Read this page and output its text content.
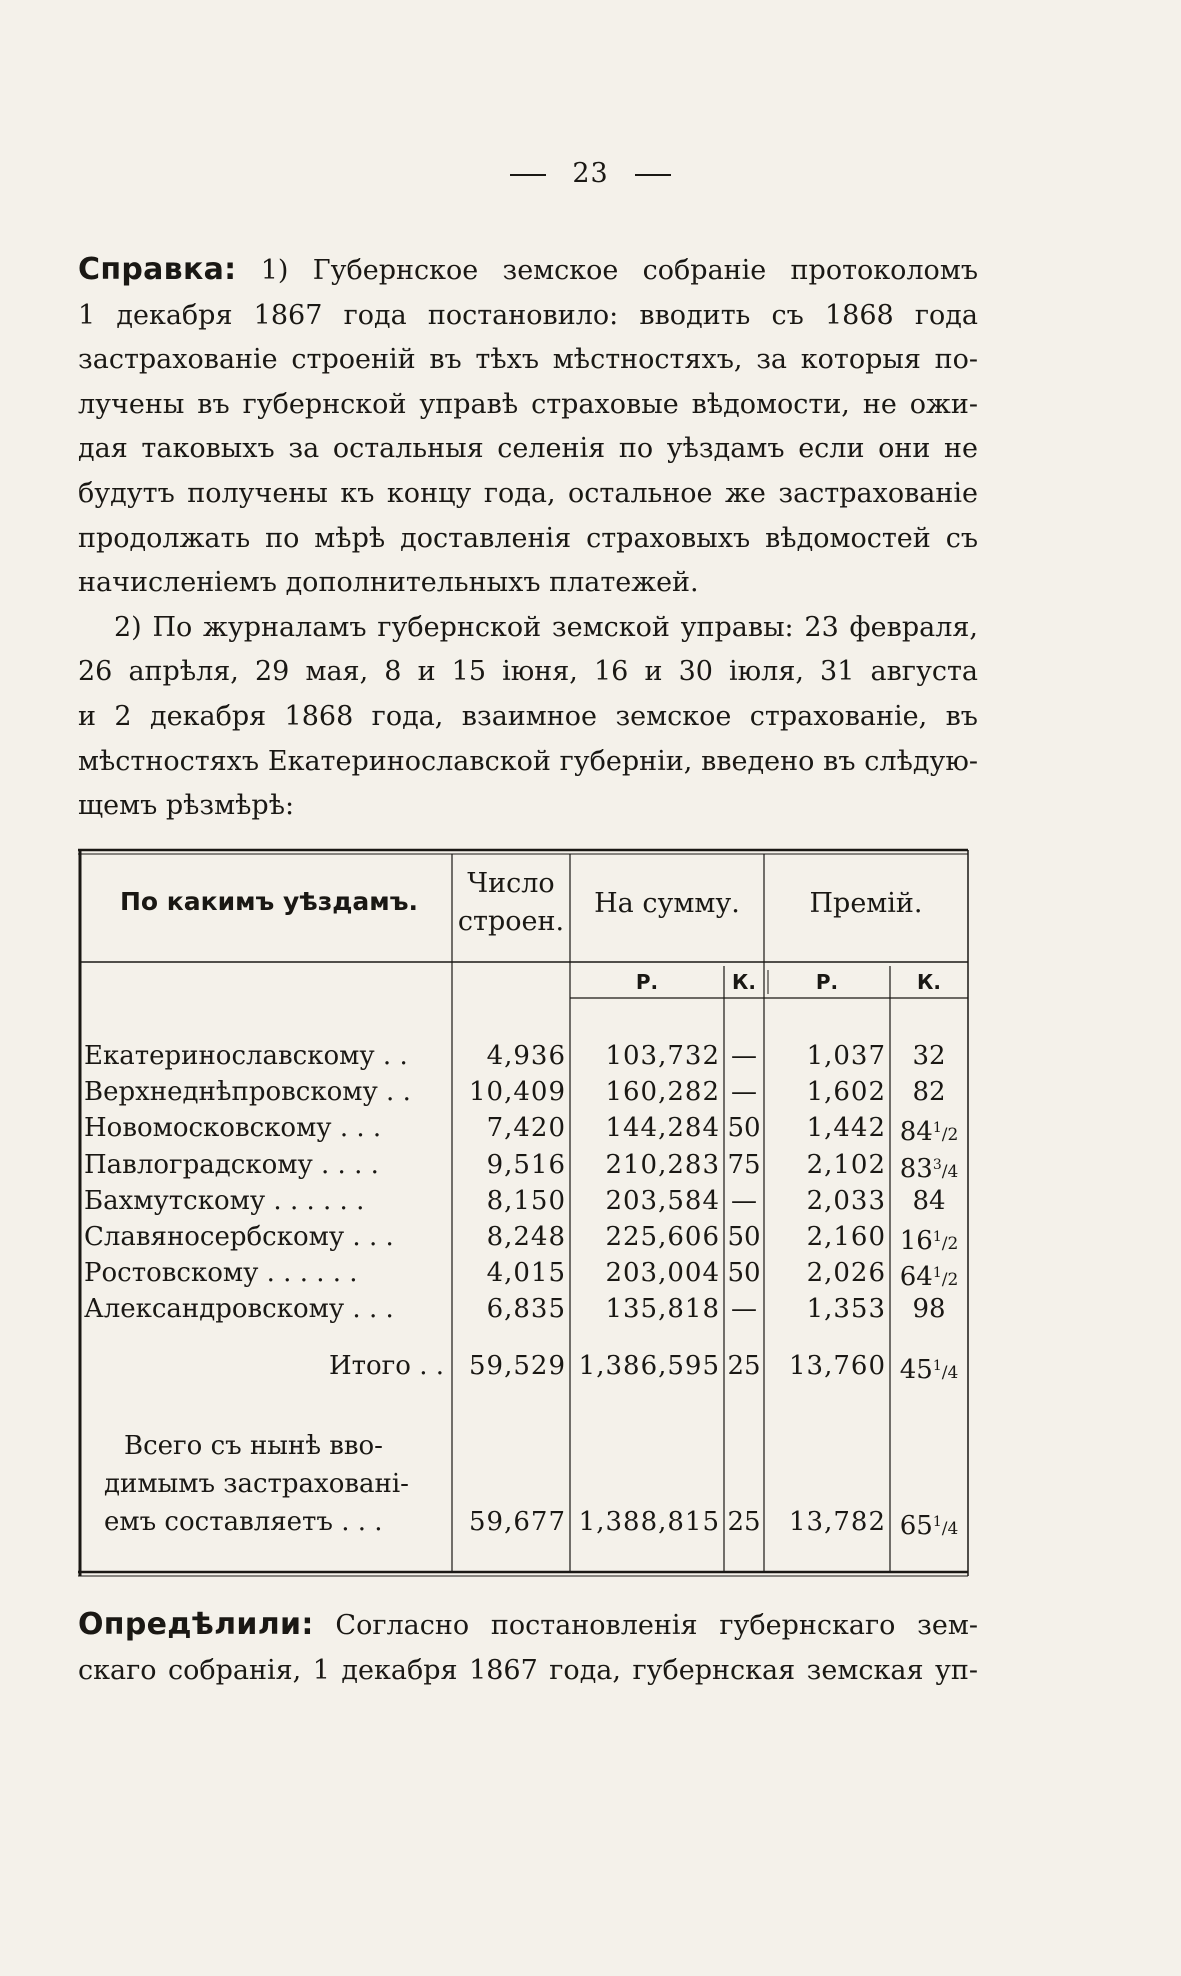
23
Справка: 1) Губернское земское собраніе протоколомъ
1 декабря 1867 года постановило: вводить съ 1868 года
застрахованіе строеній въ тѣхъ мѣстностяхъ, за которыя по-
лучены въ губернской управѣ страховые вѣдомости, не ожи-
дая таковыхъ за остальныя селенія по уѣздамъ если они не
будутъ получены къ концу года, остальное же застрахованіе
продолжать по мѣрѣ доставленія страховыхъ вѣдомостей съ
начисленіемъ дополнительныхъ платежей.
2) По журналамъ губернской земской управы: 23 февраля,
26 апрѣля, 29 мая, 8 и 15 іюня, 16 и 30 іюля, 31 августа
и 2 декабря 1868 года, взаимное земское страхованіе, въ
мѣстностяхъ Екатеринославской губерніи, введено въ слѣдую-
щемъ рѣзмѣрѣ:
По какимъ уѣздамъ.
Число
строен.
На сумму.	Премій.
Р.	К.	Р.	К.
Екатеринославскому . .	4,936	103,732 —	1,037	32
Верхнеднѣпровскому . .	10,409	160,282 —	1,602	82
Новомосковскому . . .	7,420	144,284 50	1,442 $84^1/2$
Павлоградскому . . . .	9,516	210,283 75	2,102 $83^3/4$
Бахмутскому . . . . . .	8,150	203,584 —	2,033	84
Славяносербскому . . .	8,248	225,606 50	2,160 $16^1/2$
Ростовскому . . . . . .	4,015	203,004 50	2,026 $64^1/2$
Александровскому . . .	6,835	135,818 —	1,353	98
Итого . . 59,529 1,386,595 25	13,760 $45^1/4$
Всего съ нынѣ вво-
димымъ застраховані-
емъ составляетъ . . .	59,677 1,388,815 25	13,782 $65^1/4$
Опредѣлили: Согласно постановленія губернскаго зем-
скаго собранія, 1 декабря 1867 года, губернская земская уп-
